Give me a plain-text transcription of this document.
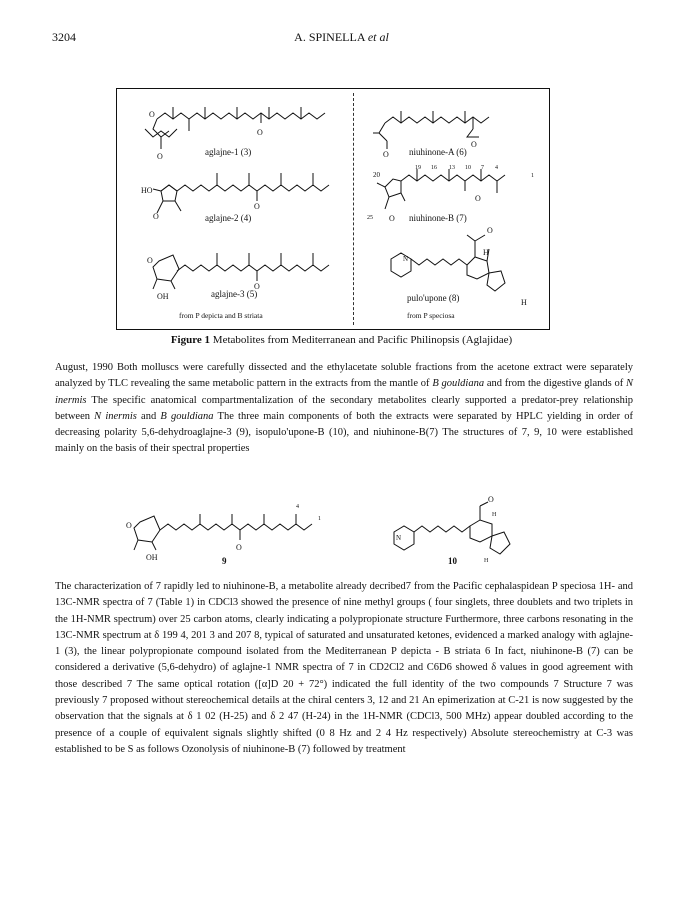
3204	A. SPINELLA et al
O
O
O
HO
O
O
O
O
OH
aglajne-1 (3)
aglajne-2 (4)
aglajne-3 (5)
from P depicta and B striata
O
O
O
O
20
25
N
O
H
H
19 16 13 10 7 4
1
niuhinone-A (6)
niuhinone-B (7)
pulo'upone (8)
from P speciosa
Figure 1 Metabolites from Mediterranean and Pacific Philinopsis (Aglajidae)
August, 1990 Both molluscs were carefully dissected and the ethylacetate soluble fractions from the acetone extract were separately analyzed by TLC revealing the same metabolic pattern in the extracts from the mantle of B gouldiana and from the digestive glands of N inermis The specific anatomical compartmentalization of the secondary metabolites clearly supported a predator-prey relationship between N inermis and B gouldiana The three main components of both the extracts were separated by HPLC yielding in order of decreasing polarity 5,6-dehydroaglajne-3 (9), isopulo'upone-B (10), and niuhinone-B(7) The structures of 7, 9, 10 were established mainly on the basis of their spectral properties
O
O
OH
N
O
4
1
H
H
9	10
The characterization of 7 rapidly led to niuhinone-B, a metabolite already decribed7 from the Pacific cephalaspidean P speciosa 1H- and 13C-NMR spectra of 7 (Table 1) in CDCl3 showed the presence of nine methyl groups ( four singlets, three doublets and two triplets in the 1H-NMR spectrum) over 25 carbon atoms, clearly indicating a polypropionate structure Furthermore, three carbons resonating in the 13C-NMR spectrum at δ 199 4, 201 3 and 207 8, typical of saturated and unsaturated ketones, evidenced a marked analogy with aglajne-1 (3), the linear polypropionate compound isolated from the Mediterranean P depicta - B striata 6 In fact, niuhinone-B (7) can be considered a derivative (5,6-dehydro) of aglajne-1 NMR spectra of 7 in CD2Cl2 and C6D6 showed δ values in good agreement with those described 7 The same optical rotation ([α]D 20 + 72°) indicated the full identity of the two compounds 7 Structure 7 was previously 7 proposed without stereochemical details at the chiral centers 3, 12 and 21 An epimerization at C-21 is now suggested by the observation that the signals at δ 1 02 (H-25) and δ 2 47 (H-24) in the 1H-NMR (CDCl3, 500 MHz) appear doubled according to the presence of a couple of equivalent signals slightly shifted (0 8 Hz and 2 4 Hz respectively) Absolute stereochemistry at C-3 was established to be S as follows Ozonolysis of niuhinone-B (7) followed by treatment
